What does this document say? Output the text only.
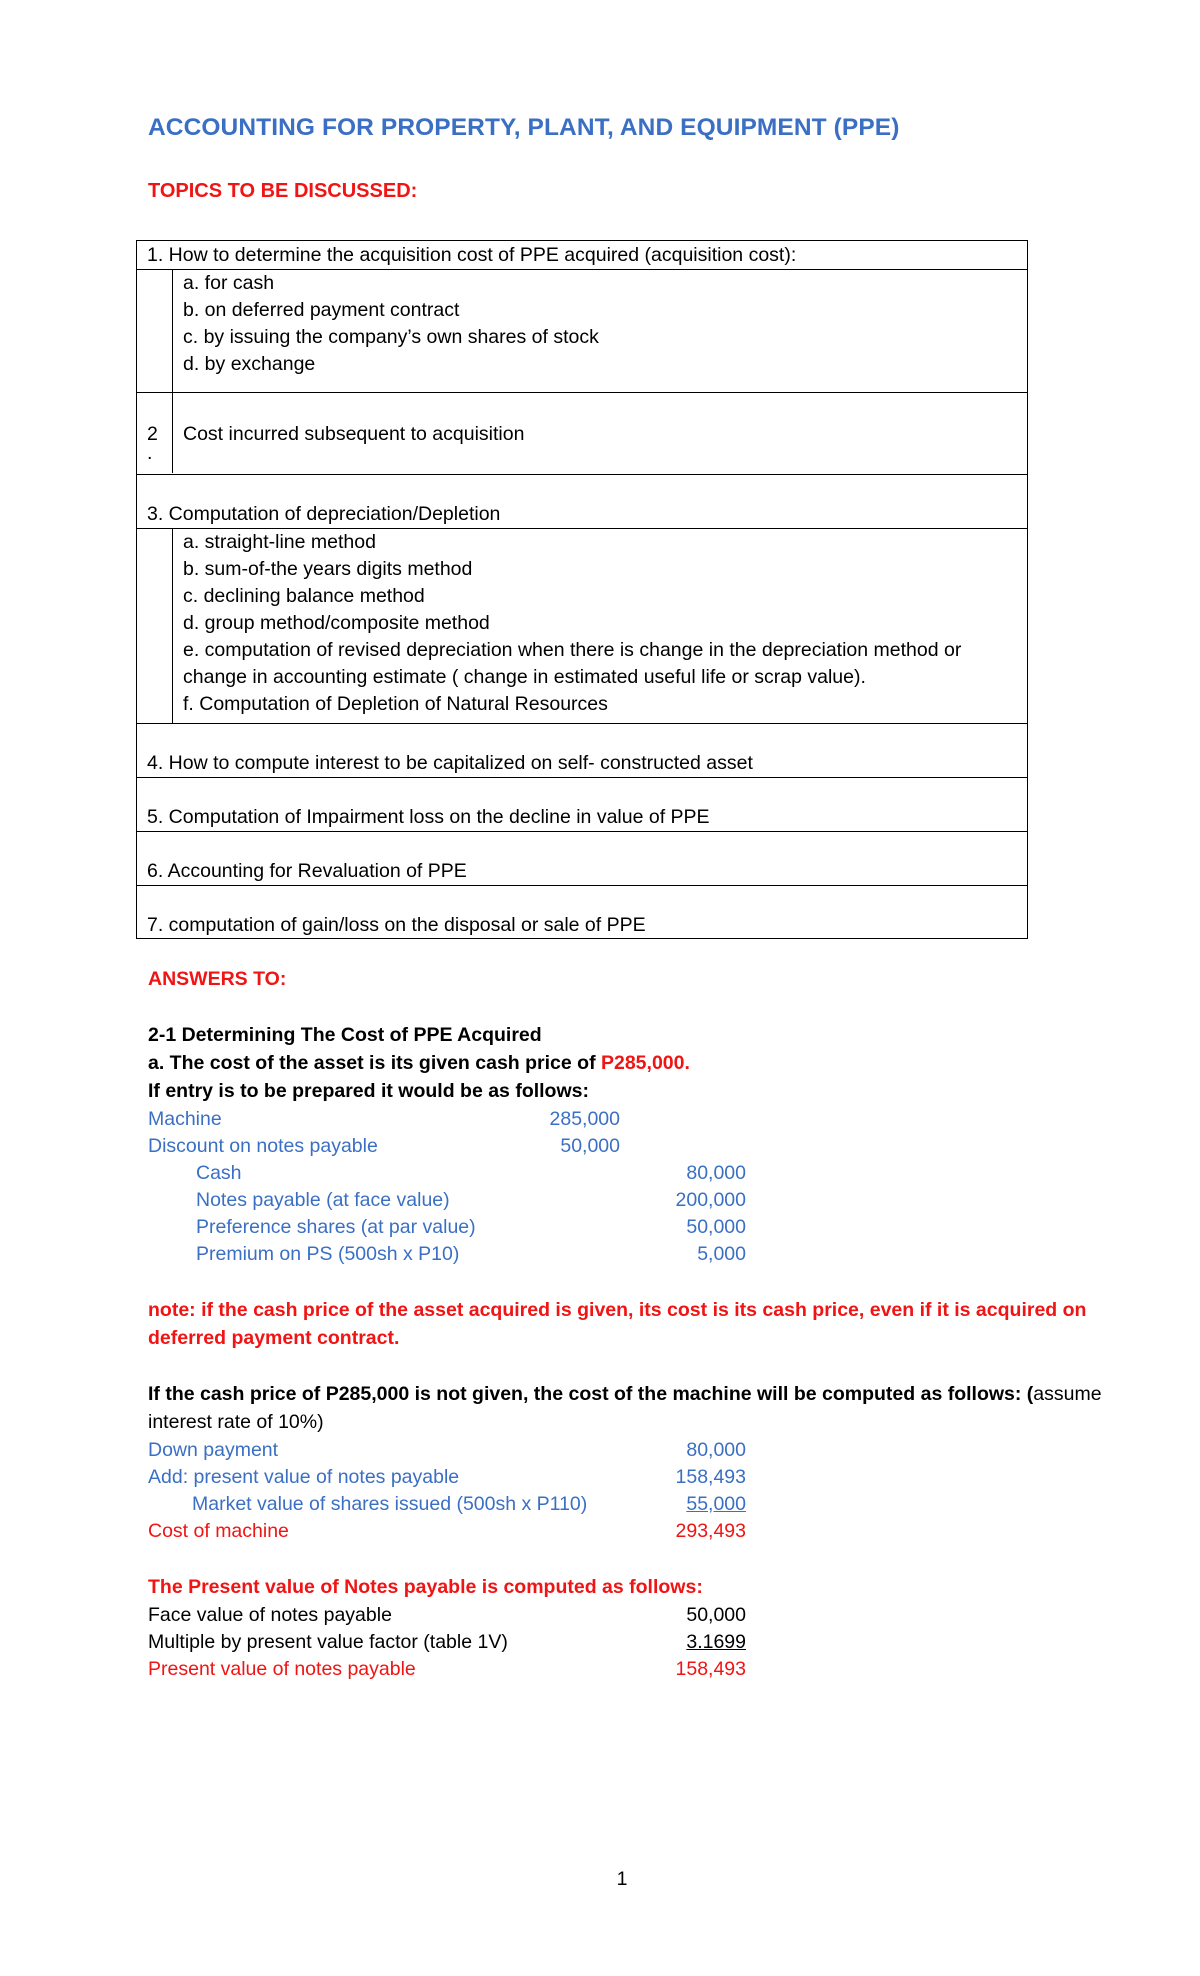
ACCOUNTING FOR PROPERTY, PLANT, AND EQUIPMENT (PPE)
TOPICS TO BE DISCUSSED:
1. How to determine the acquisition cost of PPE acquired (acquisition cost):
a. for cash
b. on deferred payment contract
c. by issuing the company’s own shares of stock
d. by exchange
2
.
Cost incurred subsequent to acquisition
3. Computation of depreciation/Depletion
a. straight-line method
b. sum-of-the years digits method
c. declining balance method
d. group method/composite method
e. computation of revised depreciation when there is change in the depreciation method or
change in accounting estimate ( change in estimated useful life or scrap value).
f. Computation of Depletion of Natural Resources
4. How to compute interest to be capitalized on self- constructed asset
5. Computation of Impairment loss on the decline in value of PPE
6. Accounting for Revaluation of PPE
7. computation of gain/loss on the disposal or sale of PPE
ANSWERS TO:
2-1 Determining The Cost of PPE Acquired
a. The cost of the asset is its given cash price of P285,000.
If entry is to be prepared it would be as follows:
Machine	285,000
Discount on notes payable	50,000
Cash	80,000
Notes payable (at face value)	200,000
Preference shares (at par value)	50,000
Premium on PS (500sh x P10)	5,000
note: if the cash price of the asset acquired is given, its cost is its cash price, even if it is acquired on
deferred payment contract.
If the cash price of P285,000 is not given, the cost of the machine will be computed as follows: (assume
interest rate of 10%)
Down payment	80,000
Add: present value of notes payable	158,493
Market value of shares issued (500sh x P110)	55,000
Cost of machine	293,493
The Present value of Notes payable is computed as follows:
Face value of notes payable	50,000
Multiple by present value factor (table 1V)	3.1699
Present value of notes payable	158,493
1
